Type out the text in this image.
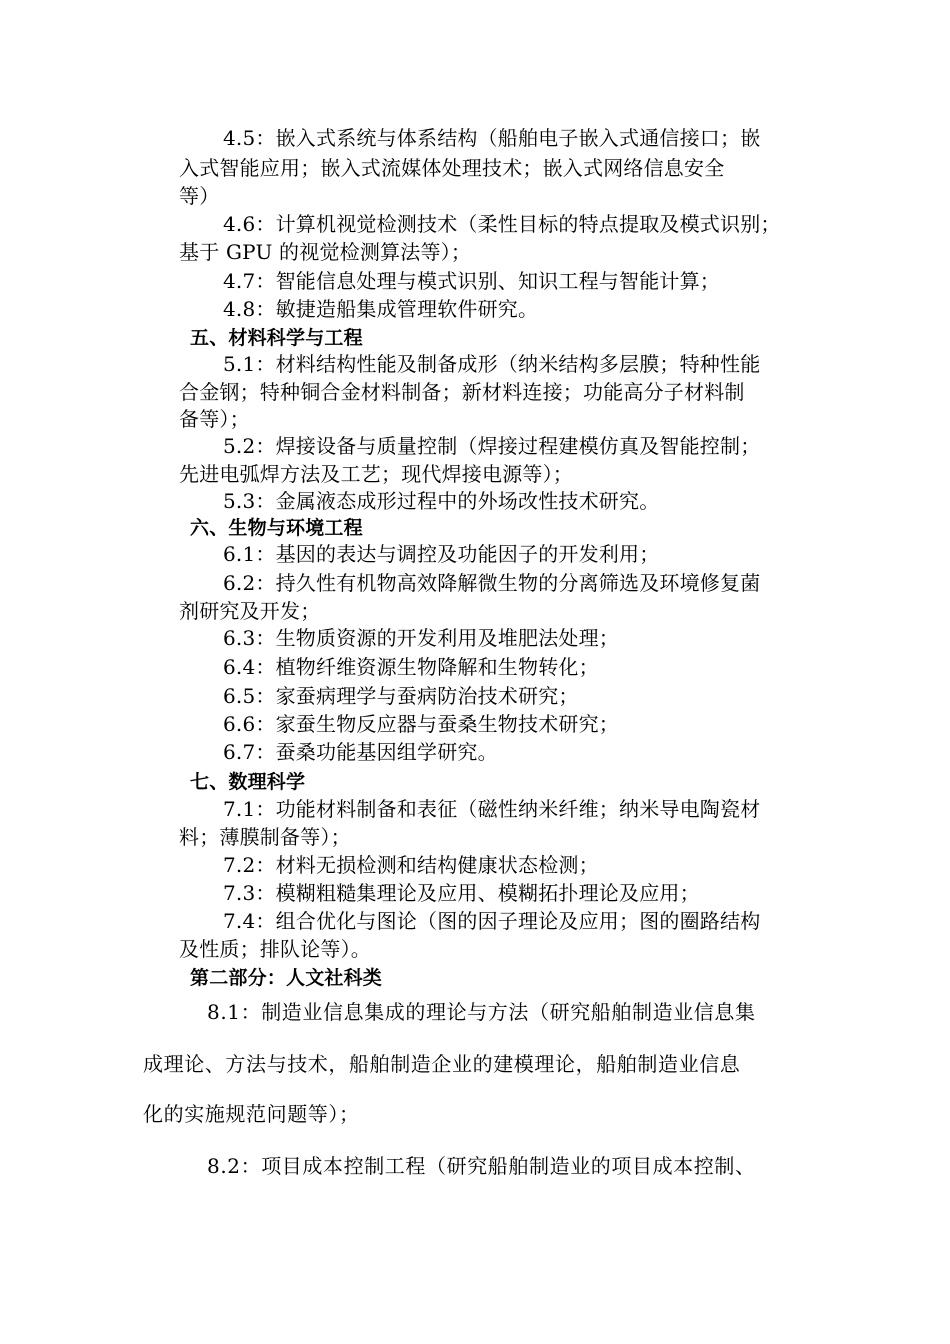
4.5：嵌入式系统与体系结构（船舶电子嵌入式通信接口；嵌
入式智能应用；嵌入式流媒体处理技术；嵌入式网络信息安全
等）
4.6：计算机视觉检测技术（柔性目标的特点提取及模式识别；
基于 GPU 的视觉检测算法等）；
4.7：智能信息处理与模式识别、知识工程与智能计算；
4.8：敏捷造船集成管理软件研究。
五、材料科学与工程
5.1：材料结构性能及制备成形（纳米结构多层膜；特种性能
合金钢；特种铜合金材料制备；新材料连接；功能高分子材料制
备等）；
5.2：焊接设备与质量控制（焊接过程建模仿真及智能控制；
先进电弧焊方法及工艺；现代焊接电源等）；
5.3：金属液态成形过程中的外场改性技术研究。
六、生物与环境工程
6.1：基因的表达与调控及功能因子的开发利用；
6.2：持久性有机物高效降解微生物的分离筛选及环境修复菌
剂研究及开发；
6.3：生物质资源的开发利用及堆肥法处理；
6.4：植物纤维资源生物降解和生物转化；
6.5：家蚕病理学与蚕病防治技术研究；
6.6：家蚕生物反应器与蚕桑生物技术研究；
6.7：蚕桑功能基因组学研究。
七、数理科学
7.1：功能材料制备和表征（磁性纳米纤维；纳米导电陶瓷材
料；薄膜制备等）；
7.2：材料无损检测和结构健康状态检测；
7.3：模糊粗糙集理论及应用、模糊拓扑理论及应用；
7.4：组合优化与图论（图的因子理论及应用；图的圈路结构
及性质；排队论等）。
第二部分：人文社科类
8.1：制造业信息集成的理论与方法（研究船舶制造业信息集
成理论、方法与技术，船舶制造企业的建模理论，船舶制造业信息
化的实施规范问题等）；
8.2：项目成本控制工程（研究船舶制造业的项目成本控制、
